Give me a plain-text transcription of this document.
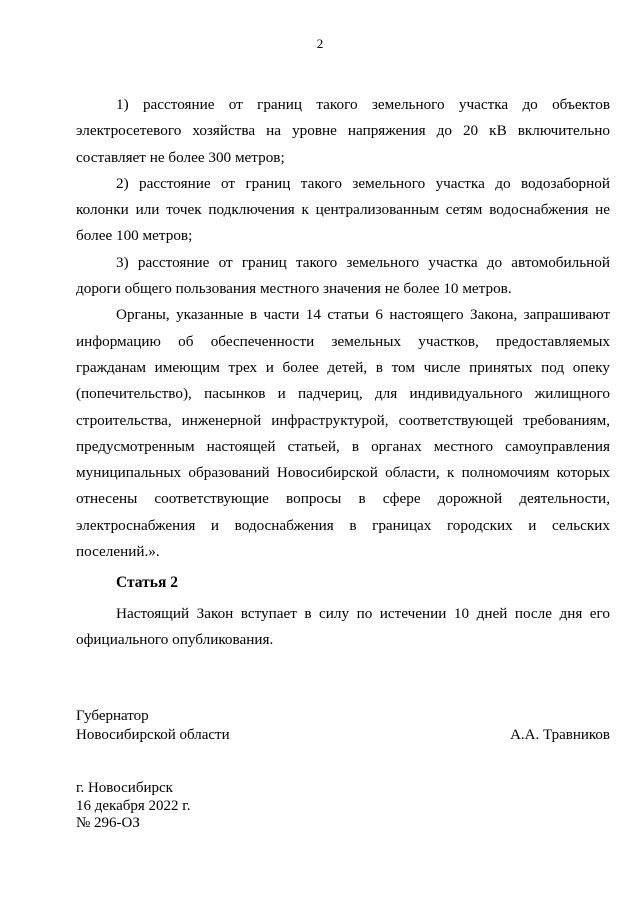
2

1) расстояние от границ такого земельного участка до объектов электросетевого хозяйства на уровне напряжения до 20 кВ включительно составляет не более 300 метров;

2) расстояние от границ такого земельного участка до водозаборной колонки или точек подключения к централизованным сетям водоснабжения не более 100 метров;

3) расстояние от границ такого земельного участка до автомобильной дороги общего пользования местного значения не более 10 метров.

Органы, указанные в части 14 статьи 6 настоящего Закона, запрашивают информацию об обеспеченности земельных участков, предоставляемых гражданам имеющим трех и более детей, в том числе принятых под опеку (попечительство), пасынков и падчериц, для индивидуального жилищного строительства, инженерной инфраструктурой, соответствующей требованиям, предусмотренным настоящей статьей, в органах местного самоуправления муниципальных образований Новосибирской области, к полномочиям которых отнесены соответствующие вопросы в сфере дорожной деятельности, электроснабжения и водоснабжения в границах городских и сельских поселений.».

Статья 2

Настоящий Закон вступает в силу по истечении 10 дней после дня его официального опубликования.

Губернатор
Новосибирской области	А.А. Травников
г. Новосибирск
16 декабря 2022 г.
№ 296-ОЗ
